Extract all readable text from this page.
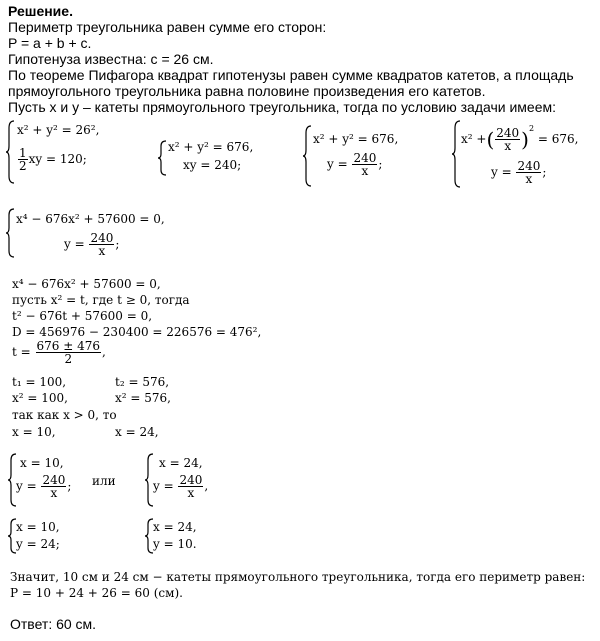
Решение.
Периметр треугольника равен сумме его сторон:
P = a + b + c.
Гипотенуза известна: c = 26 см.
По теореме Пифагора квадрат гипотенузы равен сумме квадратов катетов, а площадь
прямоугольного треугольника равна половине произведения его катетов.
Пусть x и y – катеты прямоугольного треугольника, тогда по условию задачи имеем:
x² + y² = 26²,
$\frac{1}{2}$ xy = 120;
x² + y² = 676,
xy = 240;
x² + y² = 676,
$y = \frac{240}{x}$ ;
x² +( $\frac{240}{x} )^2 = 676$,
$y = \frac{240}{x}$ ;
x⁴ − 676x² + 57600 = 0,
$y = \frac{240}{x}$ ;
x⁴ − 676x² + 57600 = 0,
пусть x² = t, где t ≥ 0, тогда
t² − 676t + 57600 = 0,
D = 456976 − 230400 = 226576 = 476²,
$t = \frac{676 \pm 476}{2}$ ,
t₁ = 100,	t₂ = 576,
x² = 100,	x² = 576,
так как x > 0, то
x = 10,	x = 24,
x = 10,
$y = \frac{240}{x}$ ; или
x = 24,
$y = \frac{240}{x}$ ,
x = 10,
y = 24;
x = 24,
y = 10.
Значит, 10 см и 24 см − катеты прямоугольного треугольника, тогда его периметр равен:
P = 10 + 24 + 26 = 60 (см).
Ответ: 60 см.
